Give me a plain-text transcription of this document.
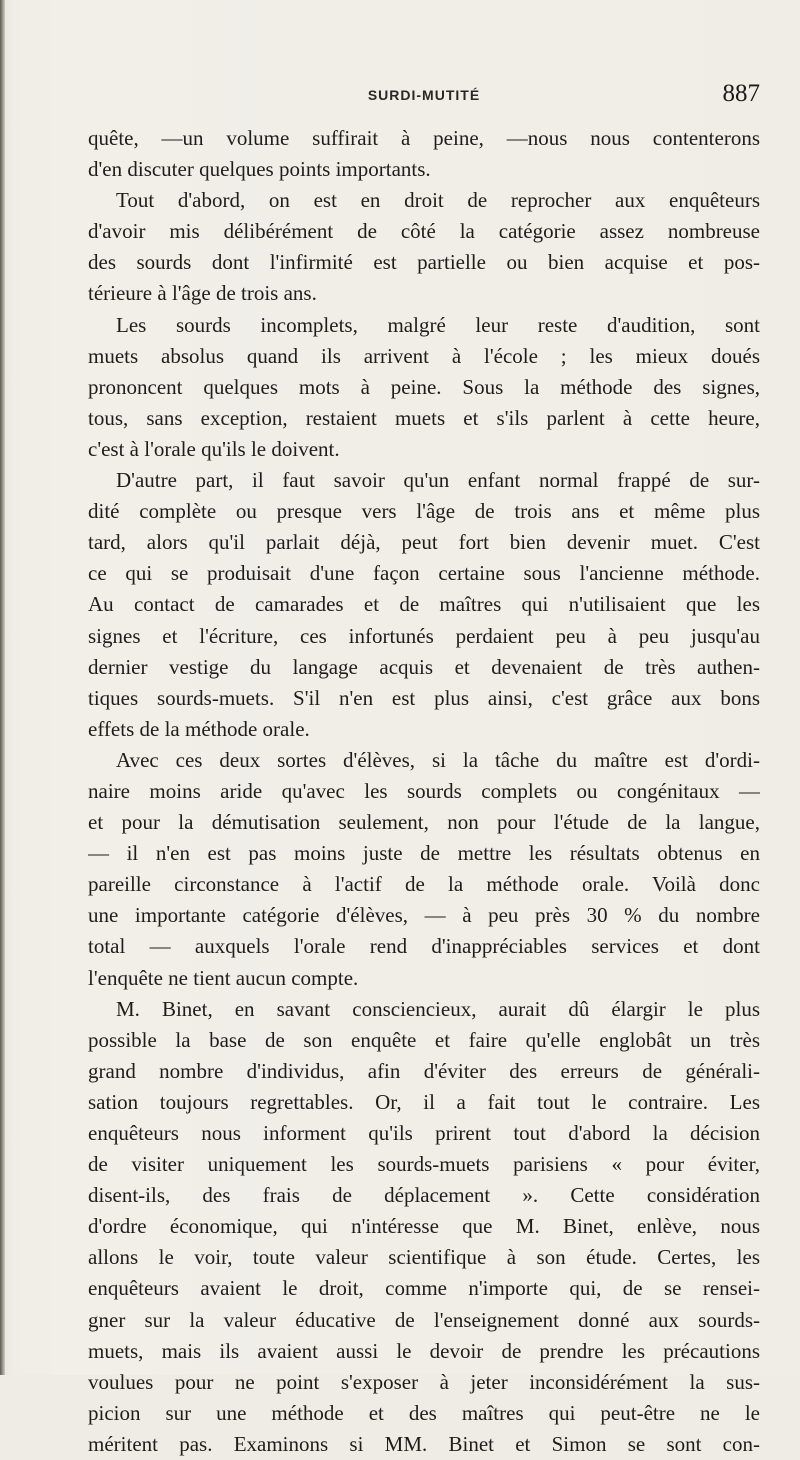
SURDI-MUTITÉ	887
quête, —un volume suffirait à peine, —nous nous contenterons
d'en discuter quelques points importants.
Tout d'abord, on est en droit de reprocher aux enquêteurs
d'avoir mis délibérément de côté la catégorie assez nombreuse
des sourds dont l'infirmité est partielle ou bien acquise et pos-
térieure à l'âge de trois ans.
Les sourds incomplets, malgré leur reste d'audition, sont
muets absolus quand ils arrivent à l'école ; les mieux doués
prononcent quelques mots à peine. Sous la méthode des signes,
tous, sans exception, restaient muets et s'ils parlent à cette heure,
c'est à l'orale qu'ils le doivent.
D'autre part, il faut savoir qu'un enfant normal frappé de sur-
dité complète ou presque vers l'âge de trois ans et même plus
tard, alors qu'il parlait déjà, peut fort bien devenir muet. C'est
ce qui se produisait d'une façon certaine sous l'ancienne méthode.
Au contact de camarades et de maîtres qui n'utilisaient que les
signes et l'écriture, ces infortunés perdaient peu à peu jusqu'au
dernier vestige du langage acquis et devenaient de très authen-
tiques sourds-muets. S'il n'en est plus ainsi, c'est grâce aux bons
effets de la méthode orale.
Avec ces deux sortes d'élèves, si la tâche du maître est d'ordi-
naire moins aride qu'avec les sourds complets ou congénitaux —
et pour la démutisation seulement, non pour l'étude de la langue,
— il n'en est pas moins juste de mettre les résultats obtenus en
pareille circonstance à l'actif de la méthode orale. Voilà donc
une importante catégorie d'élèves, — à peu près 30 % du nombre
total — auxquels l'orale rend d'inappréciables services et dont
l'enquête ne tient aucun compte.
M. Binet, en savant consciencieux, aurait dû élargir le plus
possible la base de son enquête et faire qu'elle englobât un très
grand nombre d'individus, afin d'éviter des erreurs de générali-
sation toujours regrettables. Or, il a fait tout le contraire. Les
enquêteurs nous informent qu'ils prirent tout d'abord la décision
de visiter uniquement les sourds-muets parisiens « pour éviter,
disent-ils, des frais de déplacement ». Cette considération
d'ordre économique, qui n'intéresse que M. Binet, enlève, nous
allons le voir, toute valeur scientifique à son étude. Certes, les
enquêteurs avaient le droit, comme n'importe qui, de se rensei-
gner sur la valeur éducative de l'enseignement donné aux sourds-
muets, mais ils avaient aussi le devoir de prendre les précautions
voulues pour ne point s'exposer à jeter inconsidérément la sus-
picion sur une méthode et des maîtres qui peut-être ne le
méritent pas. Examinons si MM. Binet et Simon se sont con-
